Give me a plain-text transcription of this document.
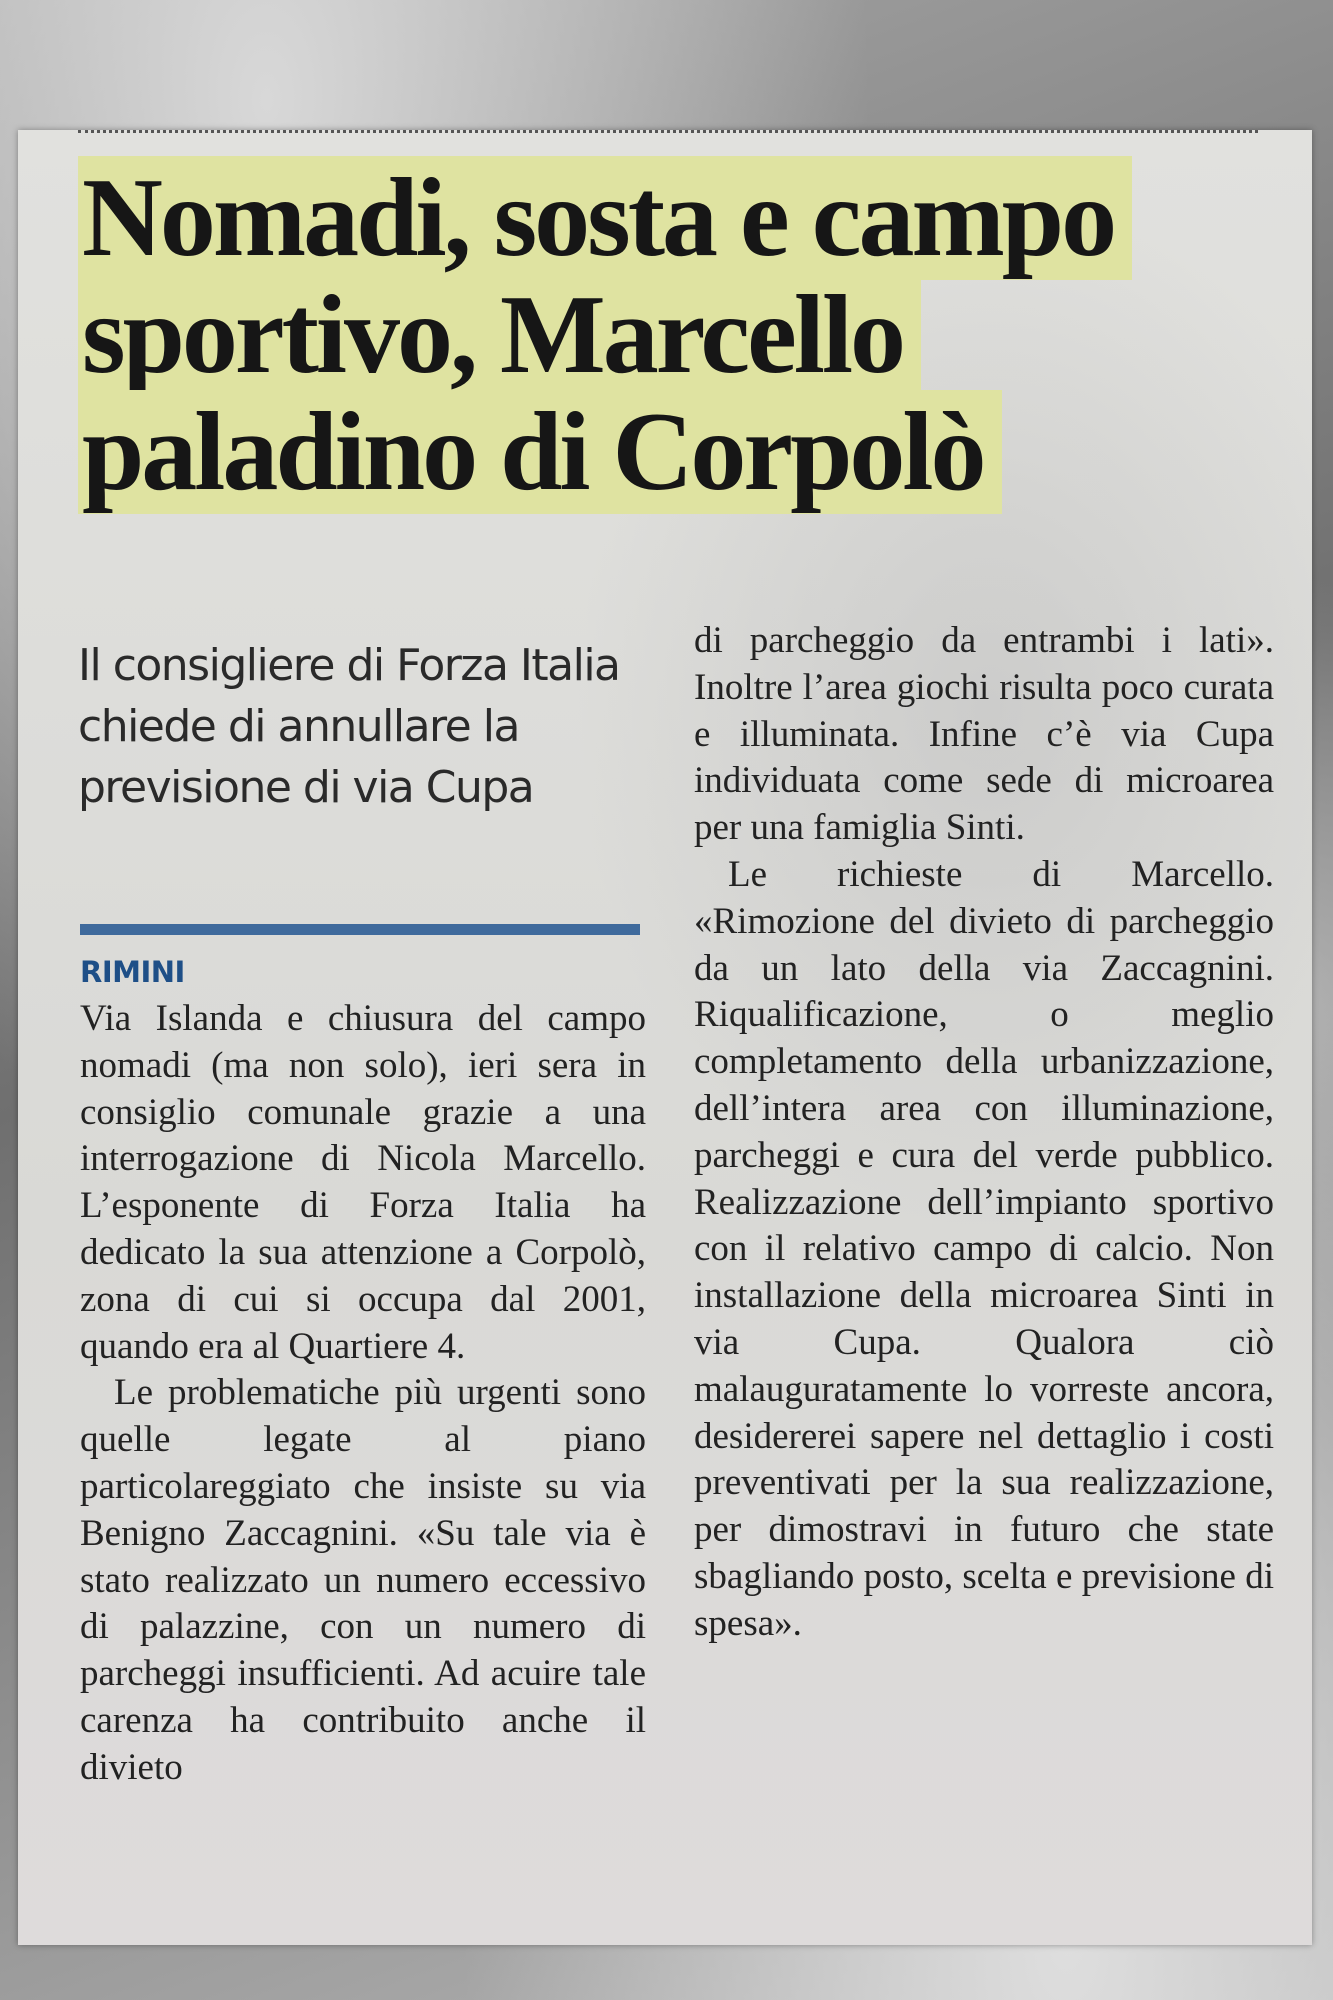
Nomadi, sosta e campo sportivo, Marcello paladino di Corpolò

Il consigliere di Forza Italia chiede di annullare la previsione di via Cupa

RIMINI

Via Islanda e chiusura del campo nomadi (ma non solo), ieri sera in consiglio comunale grazie a una interrogazione di Nicola Marcello. L’esponente di Forza Italia ha dedicato la sua attenzione a Corpolò, zona di cui si occupa dal 2001, quando era al Quartiere 4.

Le problematiche più urgenti sono quelle legate al piano particolareggiato che insiste su via Benigno Zaccagnini. «Su tale via è stato realizzato un numero eccessivo di palazzine, con un numero di parcheggi insufficienti. Ad acuire tale carenza ha contribuito anche il divieto

di parcheggio da entrambi i lati». Inoltre l’area giochi risulta poco curata e illuminata. Infine c’è via Cupa individuata come sede di microarea per una famiglia Sinti.

Le richieste di Marcello. «Rimozione del divieto di parcheggio da un lato della via Zaccagnini. Riqualificazione, o meglio completamento della urbanizzazione, dell’intera area con illuminazione, parcheggi e cura del verde pubblico. Realizzazione dell’impianto sportivo con il relativo campo di calcio. Non installazione della microarea Sinti in via Cupa. Qualora ciò malauguratamente lo vorreste ancora, desidererei sapere nel dettaglio i costi preventivati per la sua realizzazione, per dimostravi in futuro che state sbagliando posto, scelta e previsione di spesa».
